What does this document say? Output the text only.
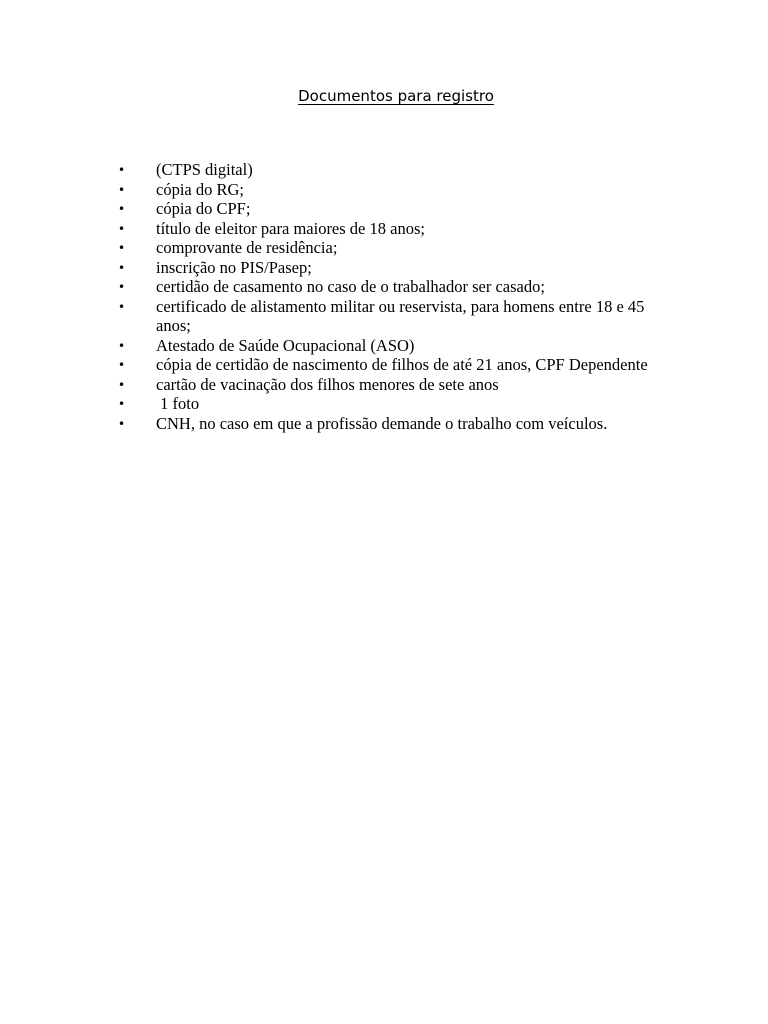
Documentos para registro
• (CTPS digital)
• cópia do RG;
• cópia do CPF;
• título de eleitor para maiores de 18 anos;
• comprovante de residência;
• inscrição no PIS/Pasep;
• certidão de casamento no caso de o trabalhador ser casado;
• certificado de alistamento militar ou reservista, para homens entre 18 e 45 anos;
• Atestado de Saúde Ocupacional (ASO)
• cópia de certidão de nascimento de filhos de até 21 anos, CPF Dependente
• cartão de vacinação dos filhos menores de sete anos
• 1 foto
• CNH, no caso em que a profissão demande o trabalho com veículos.
